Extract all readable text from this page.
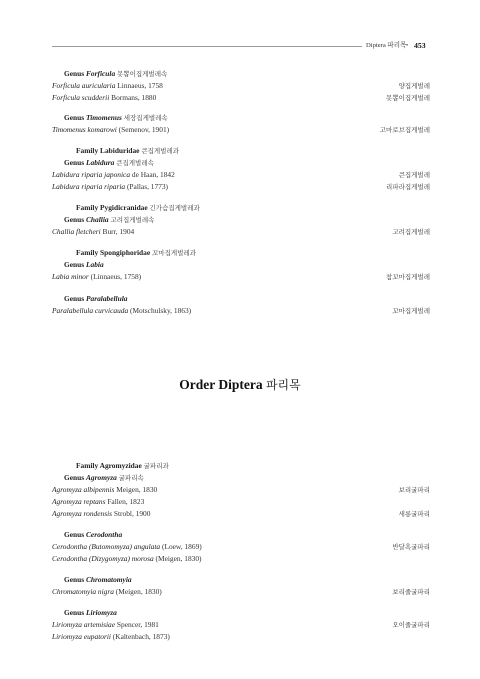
Diptera 파리목 • 453
Genus Forficula 못뽑이집게벌레속
Forficula auricularia Linnaeus, 1758	양집게벌레
Forficula scudderii Bormans, 1880	못뽑이집게벌레
Genus Timomenus 세장집게벌레속
Timomenus komarowi (Semenov, 1901)	고마로브집게벌레
Family Labiduridae 큰집게벌레과
Genus Labidura 큰집게벌레속
Labidura riparia japonica de Haan, 1842	큰집게벌레
Labidura riparia riparia (Pallas, 1773)	리파라집게벌레
Family Pygidicranidae 긴가슴집게벌레과
Genus Challia 고려집게벌레속
Challia fletcheri Burr, 1904	고려집게벌레
Family Spongiphoridae 꼬마집게벌레과
Genus Labia
Labia minor (Linnaeus, 1758)	참꼬마집게벌레
Genus Paralabellula
Paralabellula curvicauda (Motschulsky, 1863)	꼬마집게벌레
Order Diptera 파리목
Family Agromyzidae 굴파리과
Genus Agromyza 굴파리속
Agromyza albipennis Meigen, 1830	보리굴파리
Agromyza reptans Fallen, 1823
Agromyza rondensis Strobl, 1900	새롱굴파리
Genus Cerodontha
Cerodontha (Butomomyza) angulata (Loew, 1869)	반달흑굴파리
Cerodontha (Dizygomyza) morosa (Meigen, 1830)
Genus Chromatomyia
Chromatomyia nigra (Meigen, 1830)	보리줄굴파리
Genus Liriomyza
Liriomyza artemisiae Spencer, 1981	오이줄굴파리
Liriomyza eupatorii (Kaltenbach, 1873)
